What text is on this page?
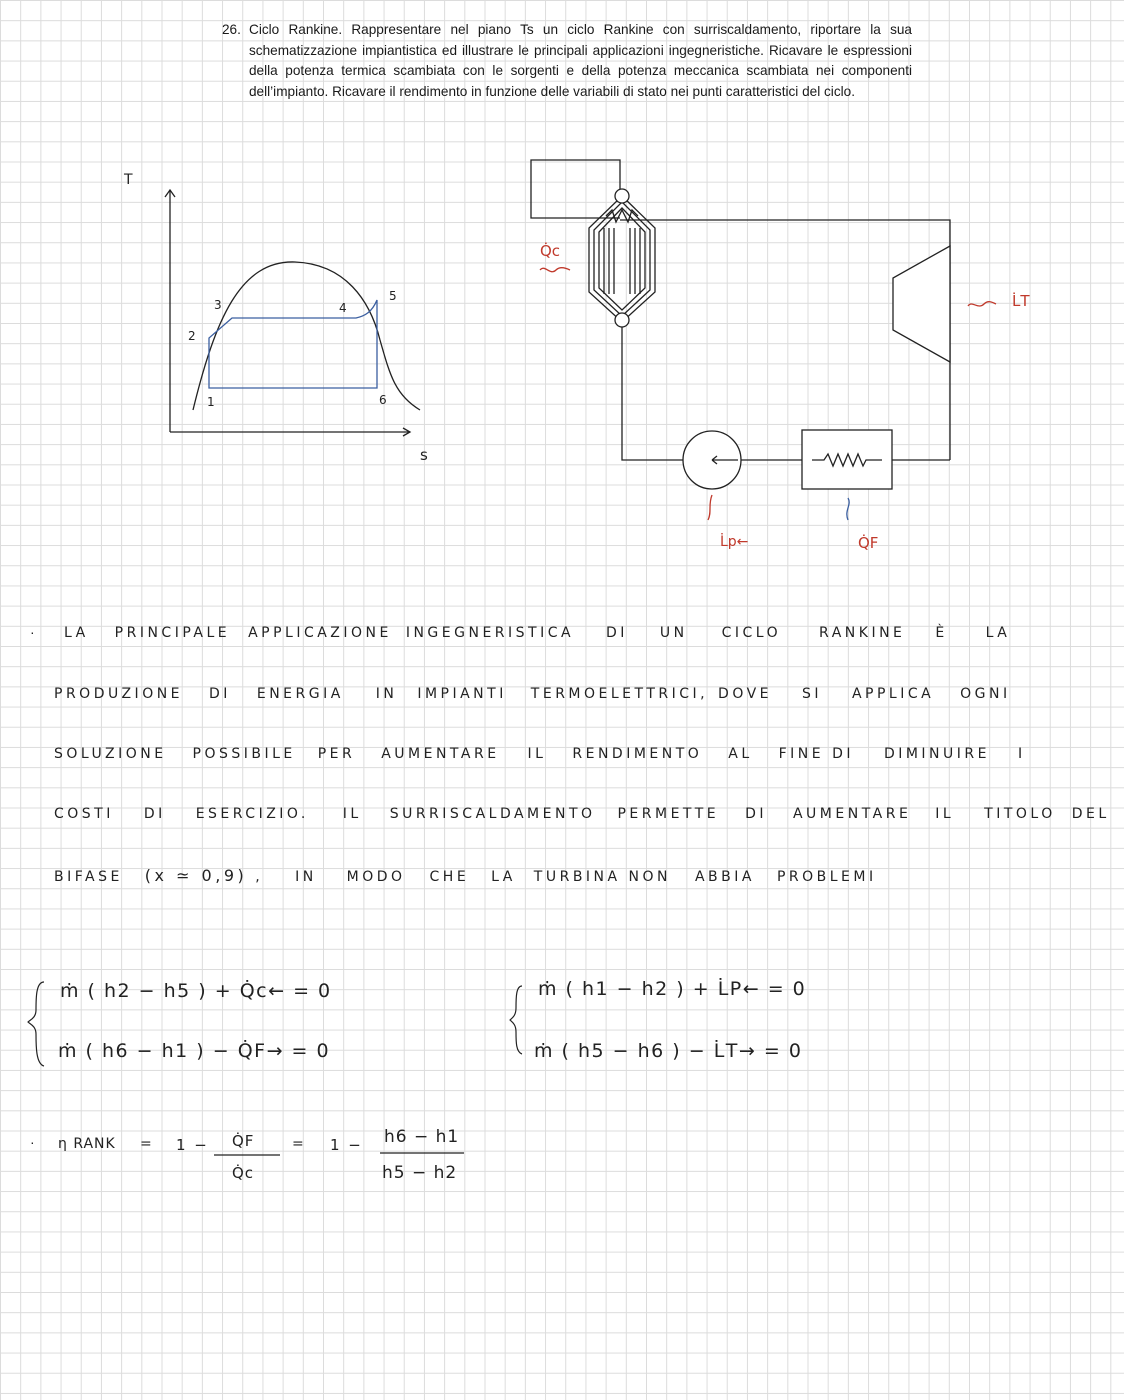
26. Ciclo Rankine. Rappresentare nel piano Ts un ciclo Rankine con surriscaldamento, riportare la sua schematizzazione impiantistica ed illustrare le principali applicazioni ingegneristiche. Ricavare le espressioni della potenza termica scambiata con le sorgenti e della potenza meccanica scambiata nei componenti dell’impianto. Ricavare il rendimento in funzione delle variabili di stato nei punti caratteristici del ciclo.
T
s
1
2
3	4
5
6
Q̇c
L̇T
L̇p←	Q̇F
· LA PRINCIPALE APPLICAZIONE INGEGNERISTICA DI UN CICLO	RANKINE È	LA
PRODUZIONE DI ENERGIA IN IMPIANTI TERMOELETTRICI, DOVE SI APPLICA OGNI
SOLUZIONE POSSIBILE PER AUMENTARE IL RENDIMENTO AL FINE DI DIMINUIRE I
COSTI DI ESERCIZIO. IL SURRISCALDAMENTO PERMETTE DI AUMENTARE IL TITOLO DEL
BIFASE (x ≃ 0,9) , IN MODO CHE LA TURBINA NON ABBIA PROBLEMI
ṁ ( h2 − h5 ) + Q̇c← = 0
ṁ ( h6 − h1 ) − Q̇F→ = 0
ṁ ( h1 − h2 ) + L̇P← = 0
ṁ ( h5 − h6 ) − L̇T→ = 0
· η RANK = 1 − Q̇F
Q̇c
= 1 − h6 − h1
h5 − h2
